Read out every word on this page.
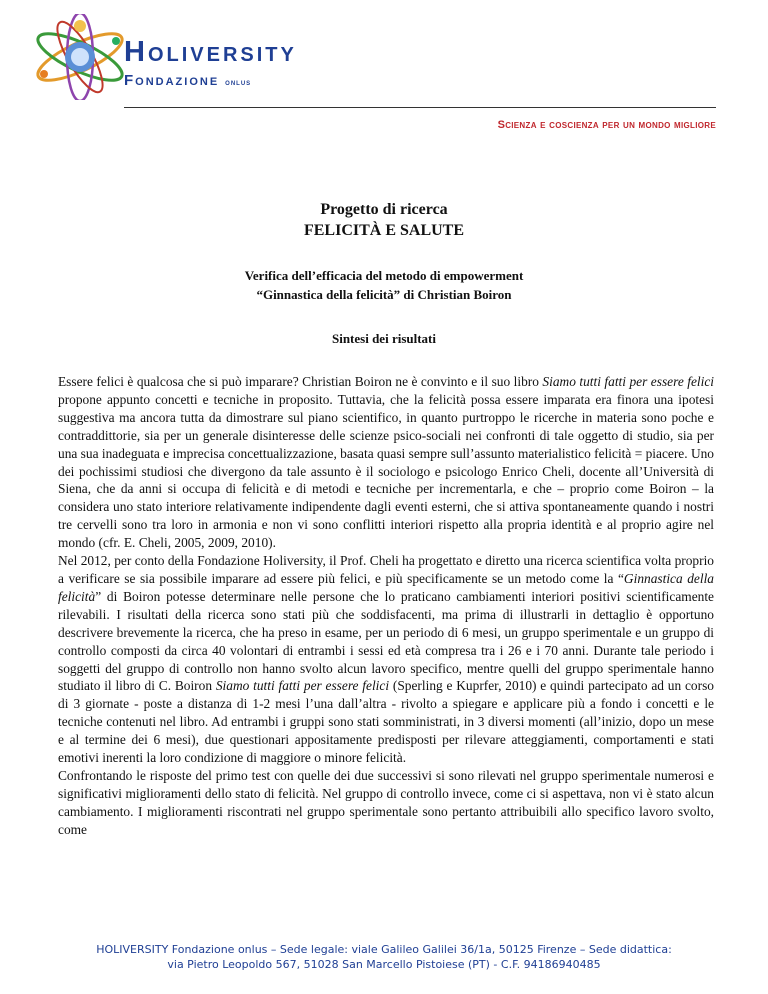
Holiversity
Fondazione onlus
Scienza e coscienza per un mondo migliore
Progetto di ricerca
FELICITÀ E SALUTE
Verifica dell’efficacia del metodo di empowerment
“Ginnastica della felicità” di Christian Boiron
Sintesi dei risultati

Essere felici è qualcosa che si può imparare? Christian Boiron ne è convinto e il suo libro Siamo tutti fatti per essere felici propone appunto concetti e tecniche in proposito. Tuttavia, che la felicità possa essere imparata era finora una ipotesi suggestiva ma ancora tutta da dimostrare sul piano scientifico, in quanto purtroppo le ricerche in materia sono poche e contraddittorie, sia per un generale disinteresse delle scienze psico-sociali nei confronti di tale oggetto di studio, sia per una sua inadeguata e imprecisa concettualizzazione, basata quasi sempre sull’assunto materialistico felicità = piacere. Uno dei pochissimi studiosi che divergono da tale assunto è il sociologo e psicologo Enrico Cheli, docente all’Università di Siena, che da anni si occupa di felicità e di metodi e tecniche per incrementarla, e che – proprio come Boiron – la considera uno stato interiore relativamente indipendente dagli eventi esterni, che si attiva spontaneamente quando i nostri tre cervelli sono tra loro in armonia e non vi sono conflitti interiori rispetto alla propria identità e al proprio agire nel mondo (cfr. E. Cheli, 2005, 2009, 2010).

Nel 2012, per conto della Fondazione Holiversity, il Prof. Cheli ha progettato e diretto una ricerca scientifica volta proprio a verificare se sia possibile imparare ad essere più felici, e più specificamente se un metodo come la “Ginnastica della felicità” di Boiron potesse determinare nelle persone che lo praticano cambiamenti interiori positivi scientificamente rilevabili. I risultati della ricerca sono stati più che soddisfacenti, ma prima di illustrarli in dettaglio è opportuno descrivere brevemente la ricerca, che ha preso in esame, per un periodo di 6 mesi, un gruppo sperimentale e un gruppo di controllo composti da circa 40 volontari di entrambi i sessi ed età compresa tra i 26 e i 70 anni. Durante tale periodo i soggetti del gruppo di controllo non hanno svolto alcun lavoro specifico, mentre quelli del gruppo sperimentale hanno studiato il libro di C. Boiron Siamo tutti fatti per essere felici (Sperling e Kuprfer, 2010) e quindi partecipato ad un corso di 3 giornate - poste a distanza di 1-2 mesi l’una dall’altra - rivolto a spiegare e applicare più a fondo i concetti e le tecniche contenuti nel libro. Ad entrambi i gruppi sono stati somministrati, in 3 diversi momenti (all’inizio, dopo un mese e al termine dei 6 mesi), due questionari appositamente predisposti per rilevare atteggiamenti, comportamenti e stati emotivi inerenti la loro condizione di maggiore o minore felicità.

Confrontando le risposte del primo test con quelle dei due successivi si sono rilevati nel gruppo sperimentale numerosi e significativi miglioramenti dello stato di felicità. Nel gruppo di controllo invece, come ci si aspettava, non vi è stato alcun cambiamento. I miglioramenti riscontrati nel gruppo sperimentale sono pertanto attribuibili allo specifico lavoro svolto, come

HOLIVERSITY Fondazione onlus – Sede legale: viale Galileo Galilei 36/1a, 50125 Firenze – Sede didattica:
via Pietro Leopoldo 567, 51028 San Marcello Pistoiese (PT) - C.F. 94186940485
